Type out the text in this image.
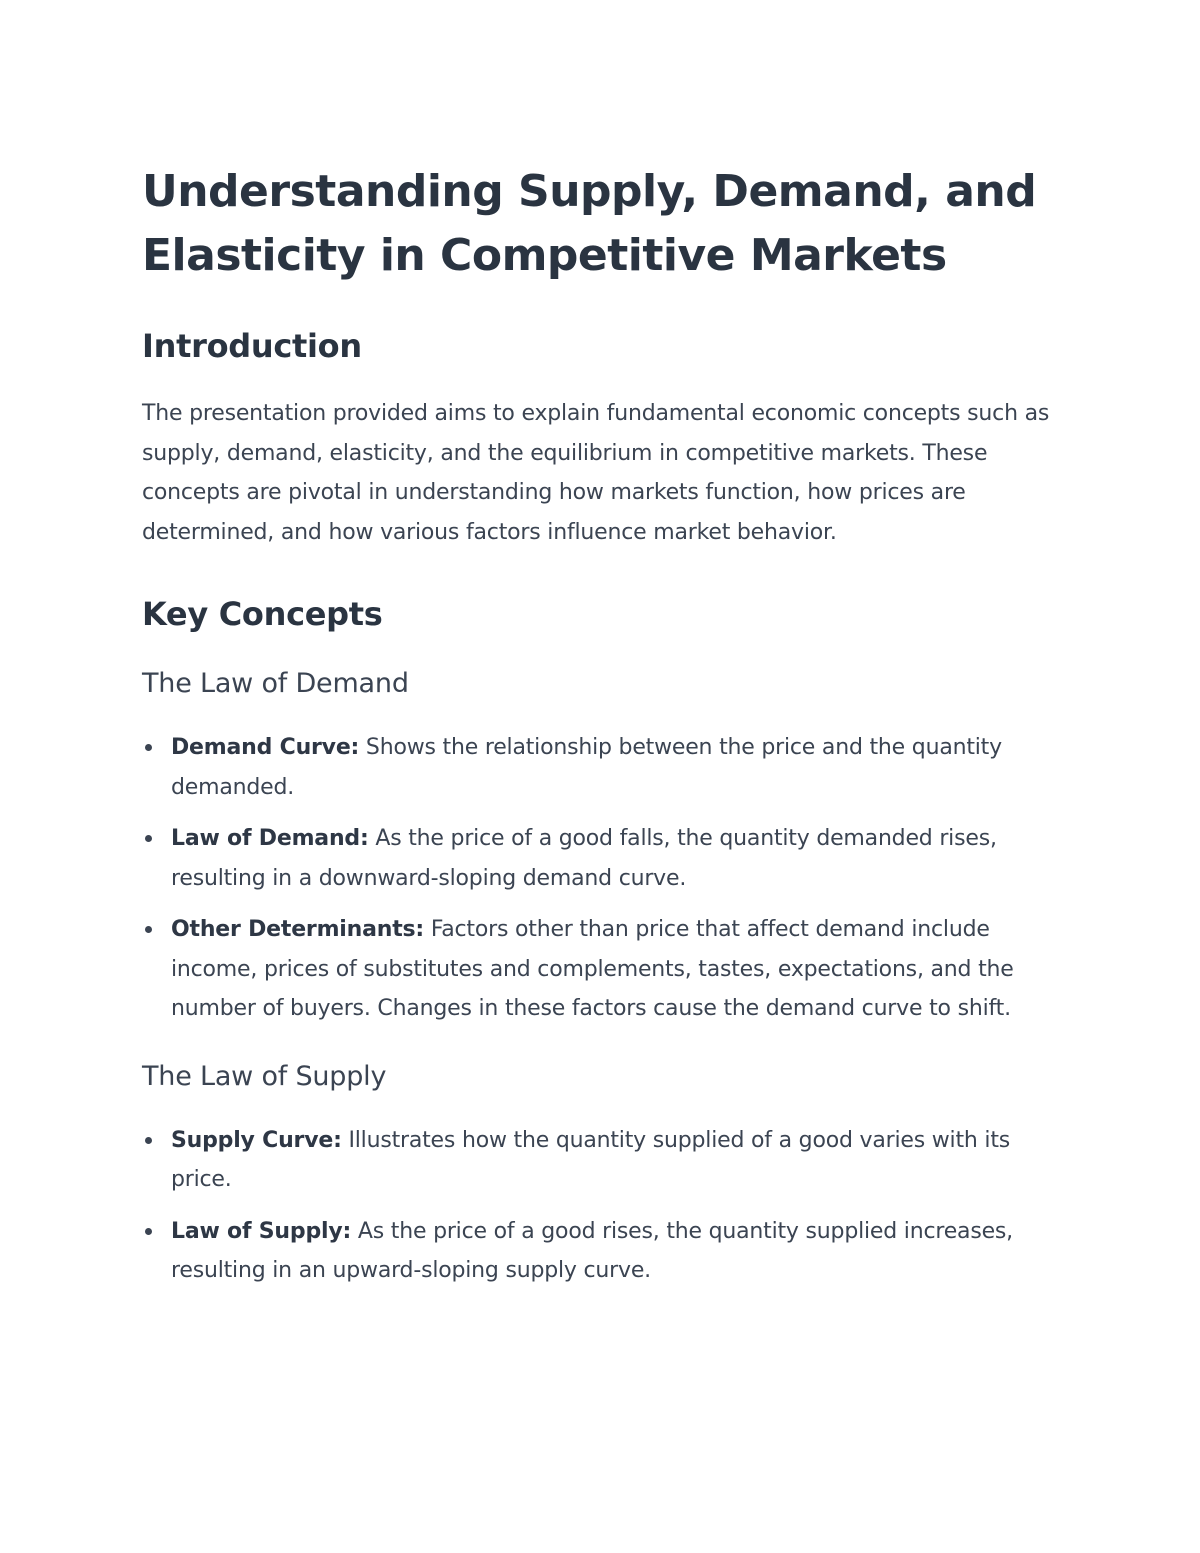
Understanding Supply, Demand, and
Elasticity in Competitive Markets
Introduction

The presentation provided aims to explain fundamental economic concepts such as supply, demand, elasticity, and the equilibrium in competitive markets. These concepts are pivotal in understanding how markets function, how prices are determined, and how various factors influence market behavior.

Key Concepts
The Law of Demand
Demand Curve: Shows the relationship between the price and the quantity demanded.
Law of Demand: As the price of a good falls, the quantity demanded rises, resulting in a downward-sloping demand curve.
Other Determinants: Factors other than price that affect demand include income, prices of substitutes and complements, tastes, expectations, and the number of buyers. Changes in these factors cause the demand curve to shift.
The Law of Supply
Supply Curve: Illustrates how the quantity supplied of a good varies with its price.
Law of Supply: As the price of a good rises, the quantity supplied increases, resulting in an upward-sloping supply curve.
